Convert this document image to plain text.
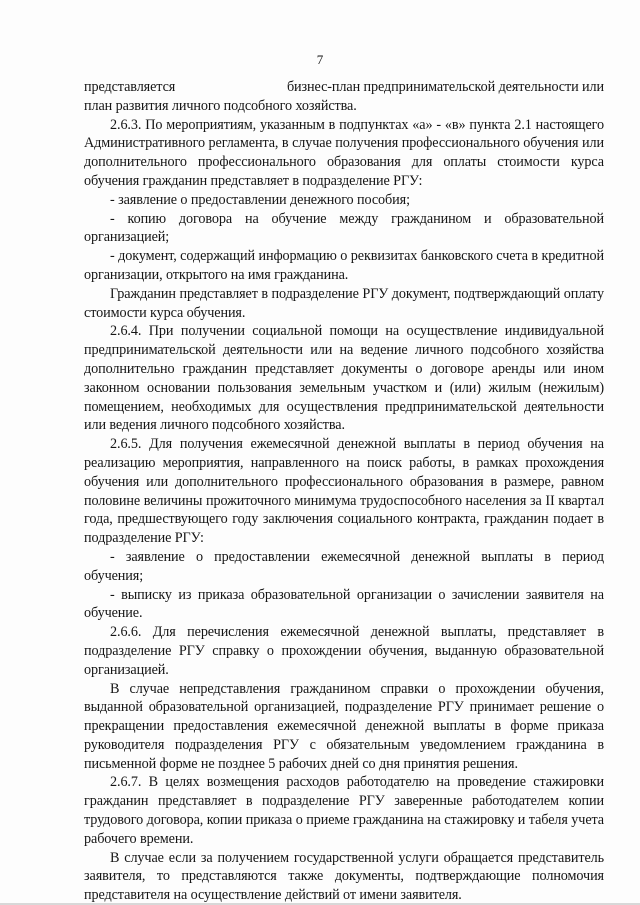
7

представляется	бизнес-план предпринимательской деятельности или

план развития личного подсобного хозяйства.

2.6.3. По мероприятиям, указанным в подпунктах «а» - «в» пункта 2.1 настоящего Административного регламента, в случае получения профессионального обучения или дополнительного профессионального образования для оплаты стоимости курса обучения гражданин представляет в подразделение РГУ:

- заявление о предоставлении денежного пособия;

- копию договора на обучение между гражданином и образовательной организацией;

- документ, содержащий информацию о реквизитах банковского счета в кредитной организации, открытого на имя гражданина.

Гражданин представляет в подразделение РГУ документ, подтверждающий оплату стоимости курса обучения.

2.6.4. При получении социальной помощи на осуществление индивидуальной предпринимательской деятельности или на ведение личного подсобного хозяйства дополнительно гражданин представляет документы о договоре аренды или ином законном основании пользования земельным участком и (или) жилым (нежилым) помещением, необходимых для осуществления предпринимательской деятельности или ведения личного подсобного хозяйства.

2.6.5. Для получения ежемесячной денежной выплаты в период обучения на реализацию мероприятия, направленного на поиск работы, в рамках прохождения обучения или дополнительного профессионального образования в размере, равном половине величины прожиточного минимума трудоспособного населения за II квартал года, предшествующего году заключения социального контракта, гражданин подает в подразделение РГУ:

- заявление о предоставлении ежемесячной денежной выплаты в период обучения;

- выписку из приказа образовательной организации о зачислении заявителя на обучение.

2.6.6. Для перечисления ежемесячной денежной выплаты, представляет в подразделение РГУ справку о прохождении обучения, выданную образовательной организацией.

В случае непредставления гражданином справки о прохождении обучения, выданной образовательной организацией, подразделение РГУ принимает решение о прекращении предоставления ежемесячной денежной выплаты в форме приказа руководителя подразделения РГУ с обязательным уведомлением гражданина в письменной форме не позднее 5 рабочих дней со дня принятия решения.

2.6.7. В целях возмещения расходов работодателю на проведение стажировки гражданин представляет в подразделение РГУ заверенные работодателем копии трудового договора, копии приказа о приеме гражданина на стажировку и табеля учета рабочего времени.

В случае если за получением государственной услуги обращается представитель заявителя, то представляются также документы, подтверждающие полномочия представителя на осуществление действий от имени заявителя.
